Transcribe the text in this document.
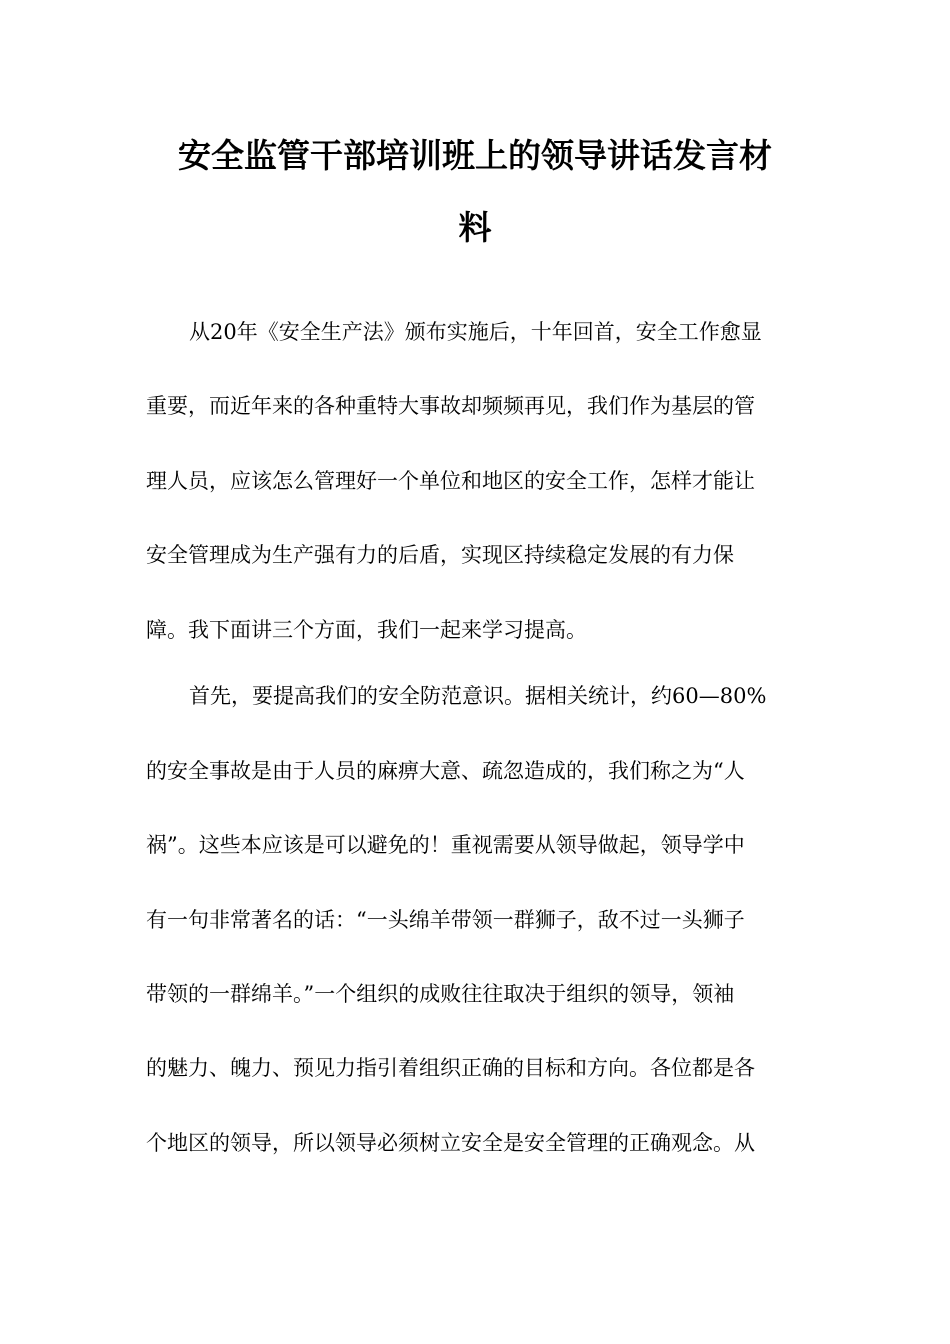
安全监管干部培训班上的领导讲话发言材
料
从20年《安全生产法》颁布实施后，十年回首，安全工作愈显
重要，而近年来的各种重特大事故却频频再见，我们作为基层的管
理人员，应该怎么管理好一个单位和地区的安全工作，怎样才能让
安全管理成为生产强有力的后盾，实现区持续稳定发展的有力保
障。我下面讲三个方面，我们一起来学习提高。
首先，要提高我们的安全防范意识。据相关统计，约60—80%
的安全事故是由于人员的麻痹大意、疏忽造成的，我们称之为“人
祸”。这些本应该是可以避免的！重视需要从领导做起，领导学中
有一句非常著名的话：“一头绵羊带领一群狮子，敌不过一头狮子
带领的一群绵羊。”一个组织的成败往往取决于组织的领导，领袖
的魅力、魄力、预见力指引着组织正确的目标和方向。各位都是各
个地区的领导，所以领导必须树立安全是安全管理的正确观念。从
